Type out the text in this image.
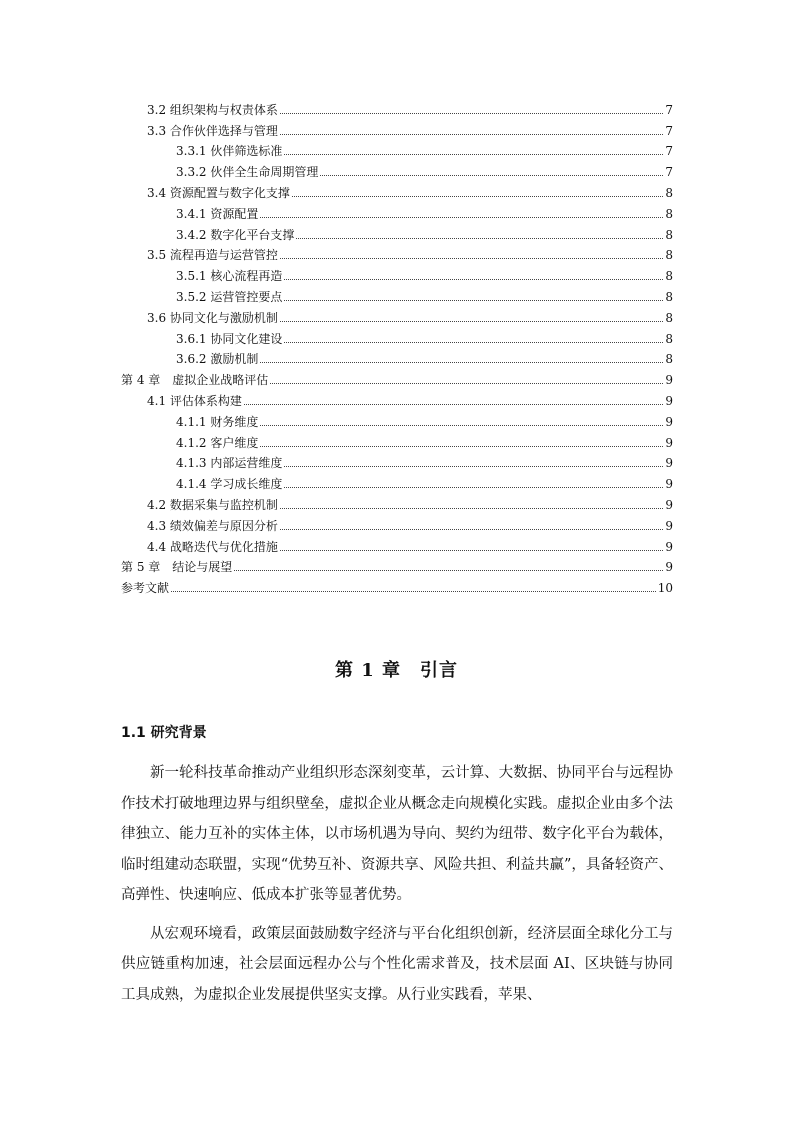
3.2 组织架构与权责体系	7
3.3 合作伙伴选择与管理	7
3.3.1 伙伴筛选标准	7
3.3.2 伙伴全生命周期管理	7
3.4 资源配置与数字化支撑	8
3.4.1 资源配置	8
3.4.2 数字化平台支撑	8
3.5 流程再造与运营管控	8
3.5.1 核心流程再造	8
3.5.2 运营管控要点	8
3.6 协同文化与激励机制	8
3.6.1 协同文化建设	8
3.6.2 激励机制	8
第 4 章　虚拟企业战略评估	9
4.1 评估体系构建	9
4.1.1 财务维度	9
4.1.2 客户维度	9
4.1.3 内部运营维度	9
4.1.4 学习成长维度	9
4.2 数据采集与监控机制	9
4.3 绩效偏差与原因分析	9
4.4 战略迭代与优化措施	9
第 5 章　结论与展望	9
参考文献	10
第 1 章　引言
1.1 研究背景

新一轮科技革命推动产业组织形态深刻变革，云计算、大数据、协同平台与远程协作技术打破地理边界与组织壁垒，虚拟企业从概念走向规模化实践。虚拟企业由多个法律独立、能力互补的实体主体，以市场机遇为导向、契约为纽带、数字化平台为载体，临时组建动态联盟，实现“优势互补、资源共享、风险共担、利益共赢”，具备轻资产、高弹性、快速响应、低成本扩张等显著优势。

从宏观环境看，政策层面鼓励数字经济与平台化组织创新，经济层面全球化分工与供应链重构加速，社会层面远程办公与个性化需求普及，技术层面 AI、区块链与协同工具成熟，为虚拟企业发展提供坚实支撑。从行业实践看，苹果、
